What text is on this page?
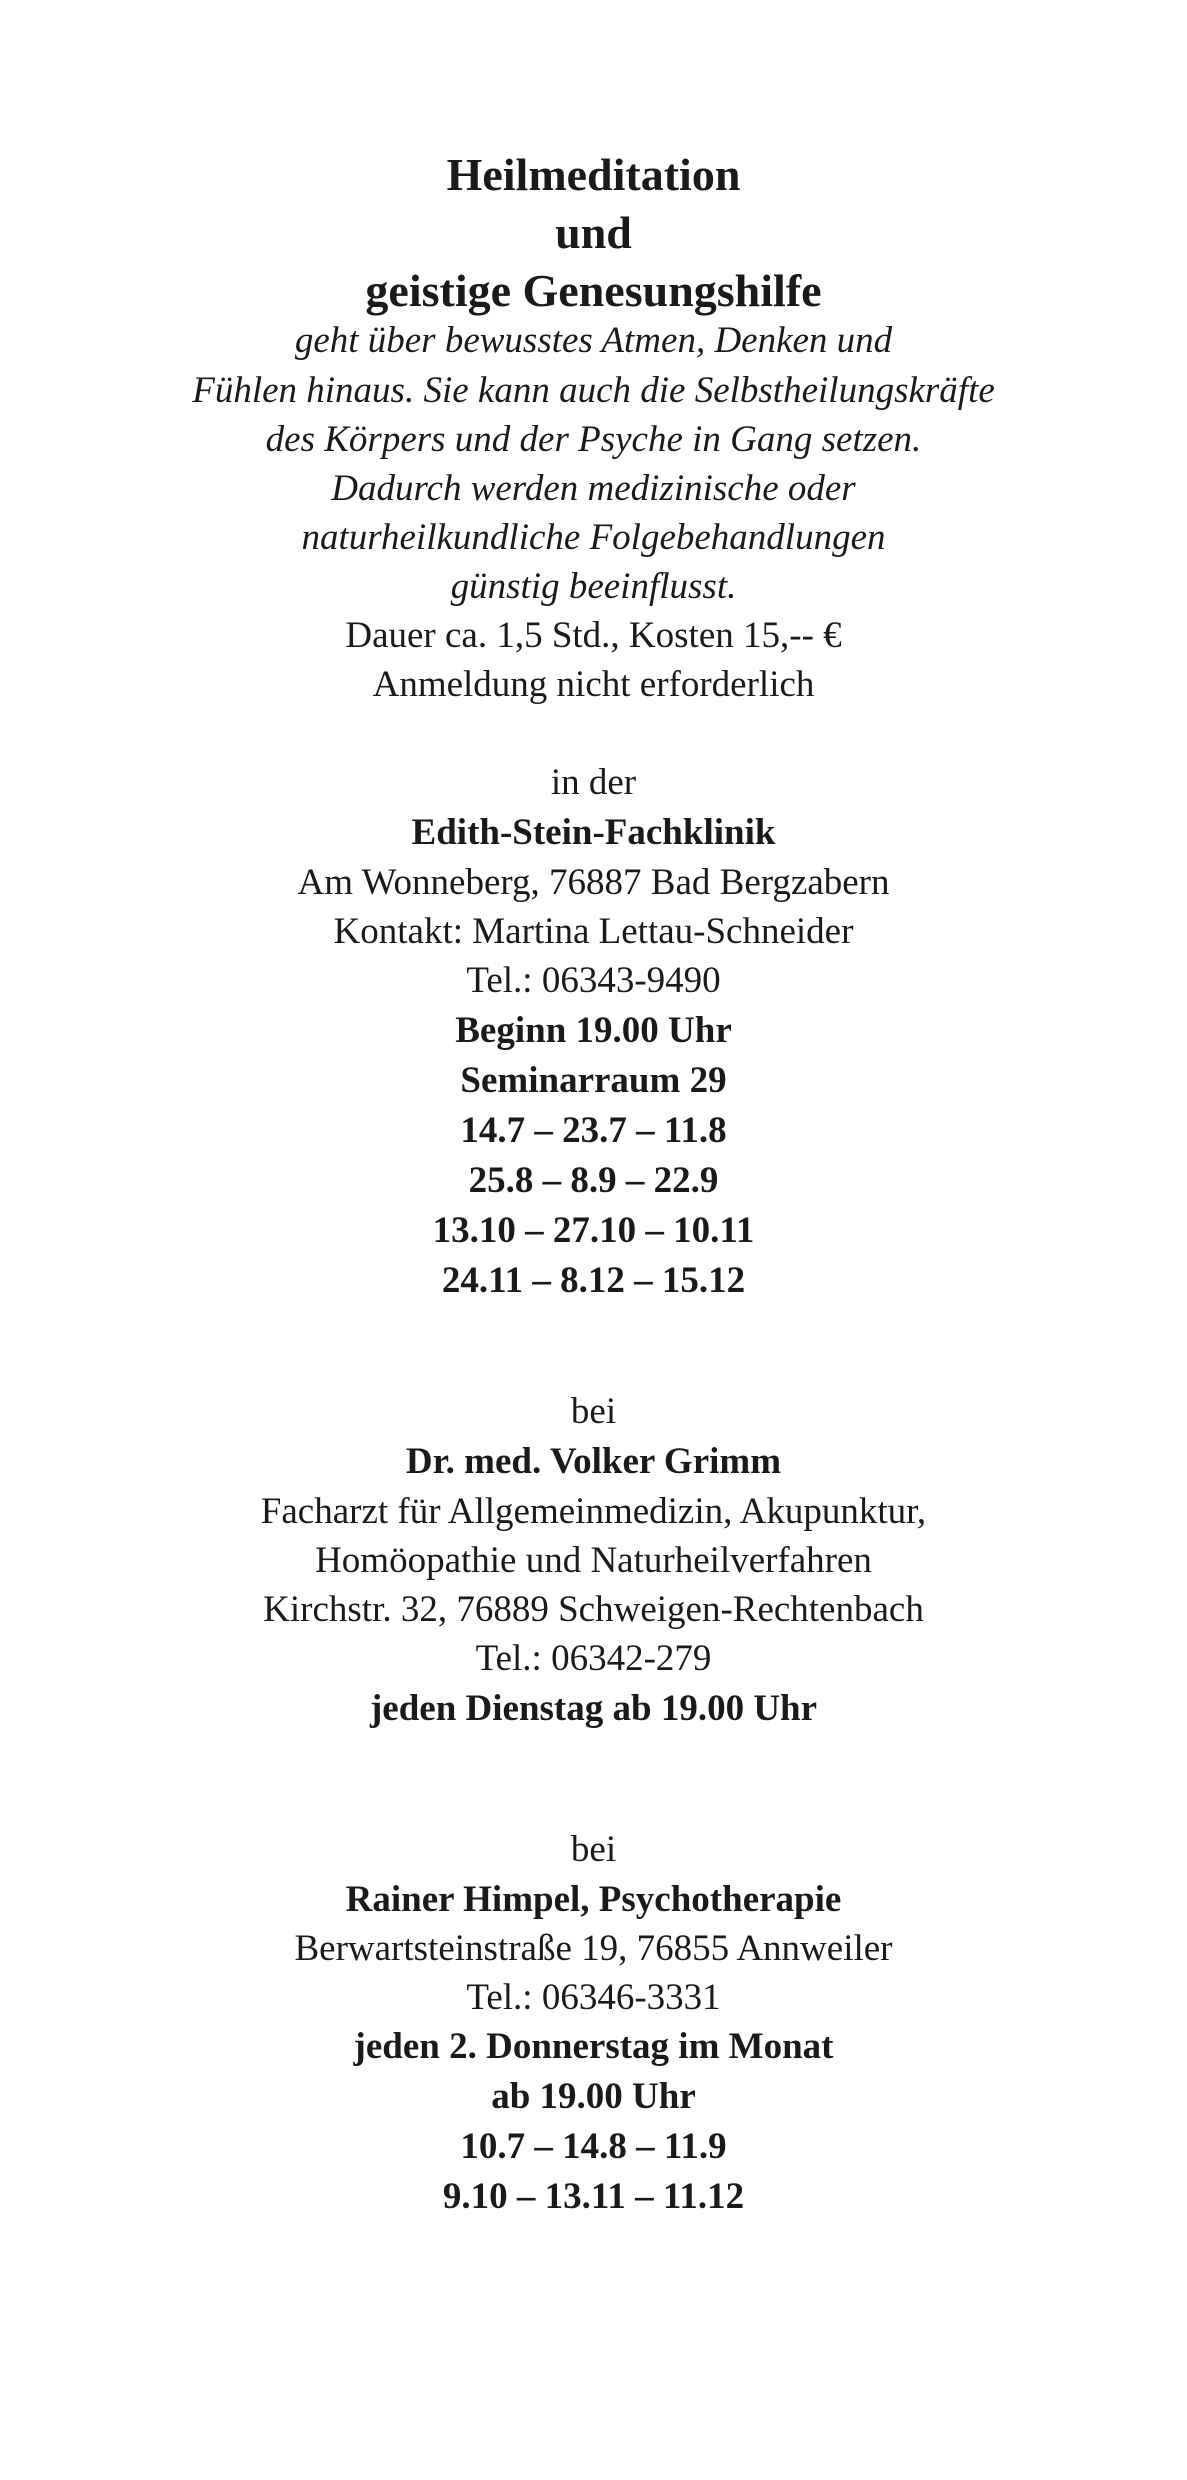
Heilmeditation
und
geistige Genesungshilfe
geht über bewusstes Atmen, Denken und
Fühlen hinaus. Sie kann auch die Selbstheilungskräfte
des Körpers und der Psyche in Gang setzen.
Dadurch werden medizinische oder
naturheilkundliche Folgebehandlungen
günstig beeinflusst.
Dauer ca. 1,5 Std., Kosten 15,-- €
Anmeldung nicht erforderlich
in der
Edith-Stein-Fachklinik
Am Wonneberg, 76887 Bad Bergzabern
Kontakt: Martina Lettau-Schneider
Tel.: 06343-9490
Beginn 19.00 Uhr
Seminarraum 29
14.7 – 23.7 – 11.8
25.8 – 8.9 – 22.9
13.10 – 27.10 – 10.11
24.11 – 8.12 – 15.12
bei
Dr. med. Volker Grimm
Facharzt für Allgemeinmedizin, Akupunktur,
Homöopathie und Naturheilverfahren
Kirchstr. 32, 76889 Schweigen-Rechtenbach
Tel.: 06342-279
jeden Dienstag ab 19.00 Uhr
bei
Rainer Himpel, Psychotherapie
Berwartsteinstraße 19, 76855 Annweiler
Tel.: 06346-3331
jeden 2. Donnerstag im Monat
ab 19.00 Uhr
10.7 – 14.8 – 11.9
9.10 – 13.11 – 11.12
